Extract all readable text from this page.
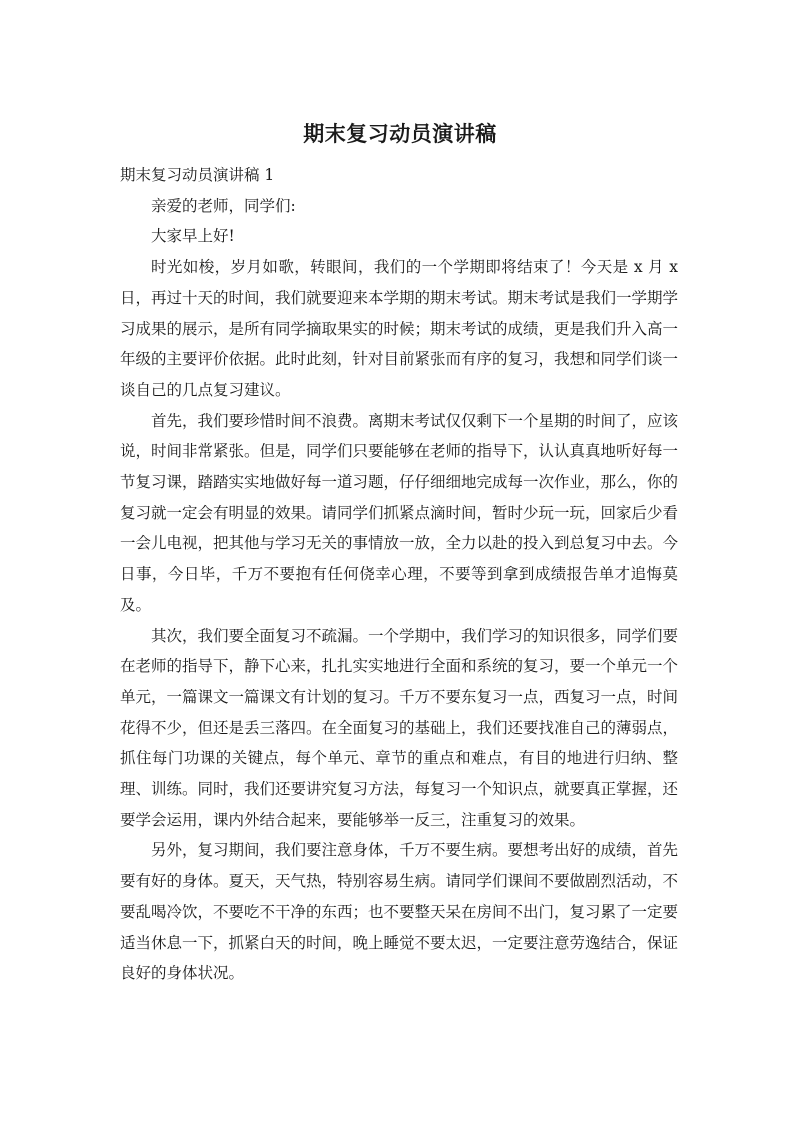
期末复习动员演讲稿

期末复习动员演讲稿 1

亲爱的老师，同学们:

大家早上好!

时光如梭，岁月如歌，转眼间，我们的一个学期即将结束了！今天是 x 月 x 日，再过十天的时间，我们就要迎来本学期的期末考试。期末考试是我们一学期学习成果的展示，是所有同学摘取果实的时候；期末考试的成绩，更是我们升入高一年级的主要评价依据。此时此刻，针对目前紧张而有序的复习，我想和同学们谈一谈自己的几点复习建议。

首先，我们要珍惜时间不浪费。离期末考试仅仅剩下一个星期的时间了，应该说，时间非常紧张。但是，同学们只要能够在老师的指导下，认认真真地听好每一节复习课，踏踏实实地做好每一道习题，仔仔细细地完成每一次作业，那么，你的复习就一定会有明显的效果。请同学们抓紧点滴时间，暂时少玩一玩，回家后少看一会儿电视，把其他与学习无关的事情放一放，全力以赴的投入到总复习中去。今日事，今日毕，千万不要抱有任何侥幸心理，不要等到拿到成绩报告单才追悔莫及。

其次，我们要全面复习不疏漏。一个学期中，我们学习的知识很多，同学们要在老师的指导下，静下心来，扎扎实实地进行全面和系统的复习，要一个单元一个单元，一篇课文一篇课文有计划的复习。千万不要东复习一点，西复习一点，时间花得不少，但还是丢三落四。在全面复习的基础上，我们还要找准自己的薄弱点，抓住每门功课的关键点，每个单元、章节的重点和难点，有目的地进行归纳、整理、训练。同时，我们还要讲究复习方法，每复习一个知识点，就要真正掌握，还要学会运用，课内外结合起来，要能够举一反三，注重复习的效果。

另外，复习期间，我们要注意身体，千万不要生病。要想考出好的成绩，首先要有好的身体。夏天，天气热，特别容易生病。请同学们课间不要做剧烈活动，不要乱喝冷饮，不要吃不干净的东西；也不要整天呆在房间不出门，复习累了一定要适当休息一下，抓紧白天的时间，晚上睡觉不要太迟，一定要注意劳逸结合，保证良好的身体状况。
